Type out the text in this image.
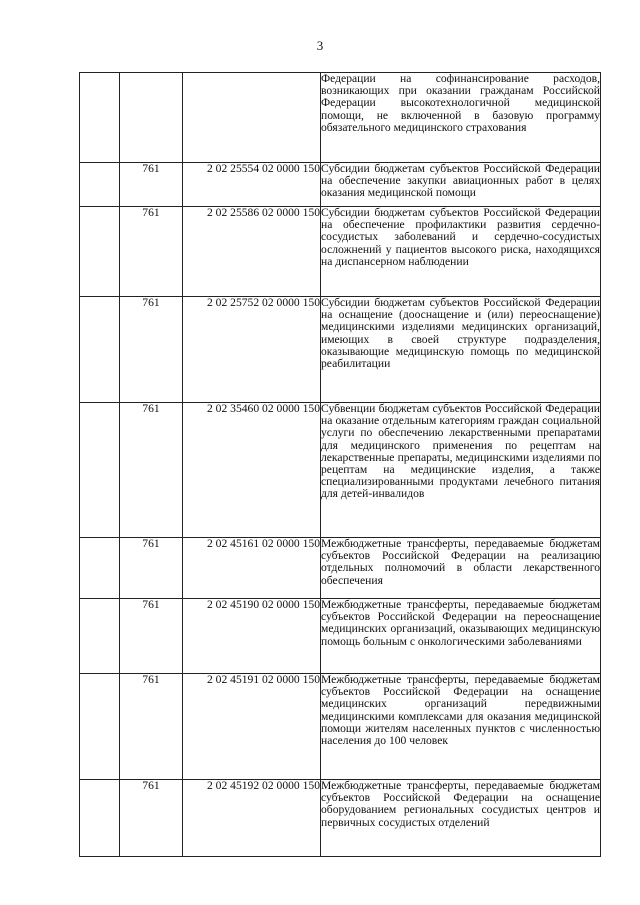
3
			Федерации на софинансирование расходов, возникающих при оказании гражданам Российской Федерации высокотехнологичной медицинской помощи, не включенной в базовую программу обязательного медицинского страхования
	761	2 02 25554 02 0000 150	Субсидии бюджетам субъектов Российской Федерации на обеспечение закупки авиационных работ в целях оказания медицинской помощи
	761	2 02 25586 02 0000 150	Субсидии бюджетам субъектов Российской Федерации на обеспечение профилактики развития сердечно-сосудистых заболеваний и сердечно-сосудистых осложнений у пациентов высокого риска, находящихся на диспансерном наблюдении
	761	2 02 25752 02 0000 150	Субсидии бюджетам субъектов Российской Федерации на оснащение (дооснащение и (или) переоснащение) медицинскими изделиями медицинских организаций, имеющих в своей структуре подразделения, оказывающие медицинскую помощь по медицинской реабилитации
	761	2 02 35460 02 0000 150	Субвенции бюджетам субъектов Российской Федерации на оказание отдельным категориям граждан социальной услуги по обеспечению лекарственными препаратами для медицинского применения по рецептам на лекарственные препараты, медицинскими изделиями по рецептам на медицинские изделия, а также специализированными продуктами лечебного питания для детей-инвалидов
	761	2 02 45161 02 0000 150	Межбюджетные трансферты, передаваемые бюджетам субъектов Российской Федерации на реализацию отдельных полномочий в области лекарственного обеспечения
	761	2 02 45190 02 0000 150	Межбюджетные трансферты, передаваемые бюджетам субъектов Российской Федерации на переоснащение медицинских организаций, оказывающих медицинскую помощь больным с онкологическими заболеваниями
	761	2 02 45191 02 0000 150	Межбюджетные трансферты, передаваемые бюджетам субъектов Российской Федерации на оснащение медицинских организаций передвижными медицинскими комплексами для оказания медицинской помощи жителям населенных пунктов с численностью населения до 100 человек
	761	2 02 45192 02 0000 150	Межбюджетные трансферты, передаваемые бюджетам субъектов Российской Федерации на оснащение оборудованием региональных сосудистых центров и первичных сосудистых отделений
